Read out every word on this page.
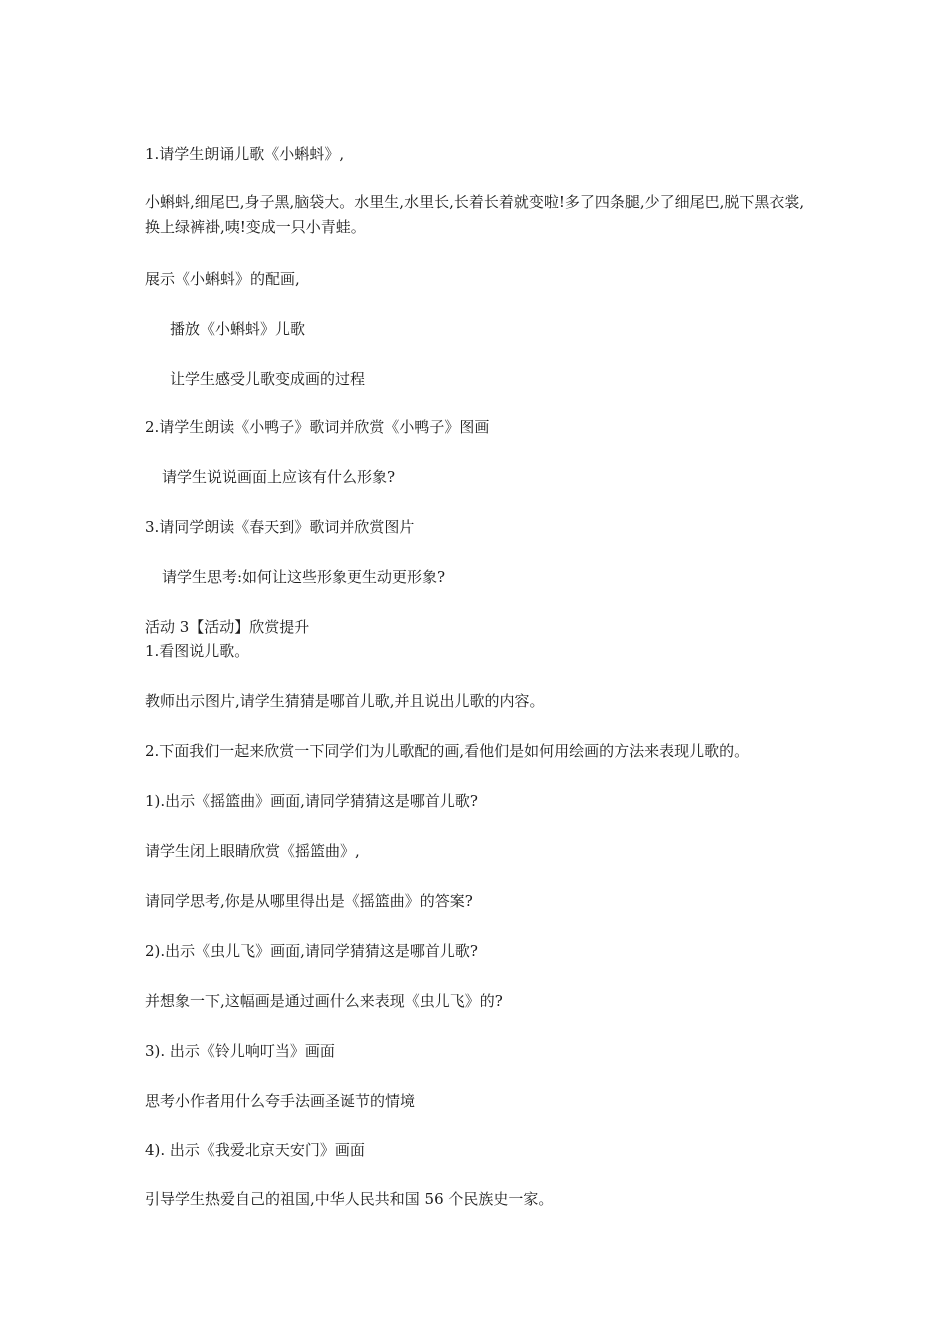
1.请学生朗诵儿歌《小蝌蚪》,
小蝌蚪,细尾巴,身子黑,脑袋大。水里生,水里长,长着长着就变啦!多了四条腿,少了细尾巴,脱下黑衣裳,换上绿裤褂,咦!变成一只小青蛙。
展示《小蝌蚪》的配画,
播放《小蝌蚪》儿歌
让学生感受儿歌变成画的过程
2.请学生朗读《小鸭子》歌词并欣赏《小鸭子》图画
请学生说说画面上应该有什么形象?
3.请同学朗读《春天到》歌词并欣赏图片
请学生思考:如何让这些形象更生动更形象?
活动 3【活动】欣赏提升
1.看图说儿歌。
教师出示图片,请学生猜猜是哪首儿歌,并且说出儿歌的内容。
2.下面我们一起来欣赏一下同学们为儿歌配的画,看他们是如何用绘画的方法来表现儿歌的。
1).出示《摇篮曲》画面,请同学猜猜这是哪首儿歌?
请学生闭上眼睛欣赏《摇篮曲》,
请同学思考,你是从哪里得出是《摇篮曲》的答案?
2).出示《虫儿飞》画面,请同学猜猜这是哪首儿歌?
并想象一下,这幅画是通过画什么来表现《虫儿飞》的?
3). 出示《铃儿响叮当》画面
思考小作者用什么夸手法画圣诞节的情境
4). 出示《我爱北京天安门》画面
引导学生热爱自己的祖国,中华人民共和国 56 个民族史一家。
